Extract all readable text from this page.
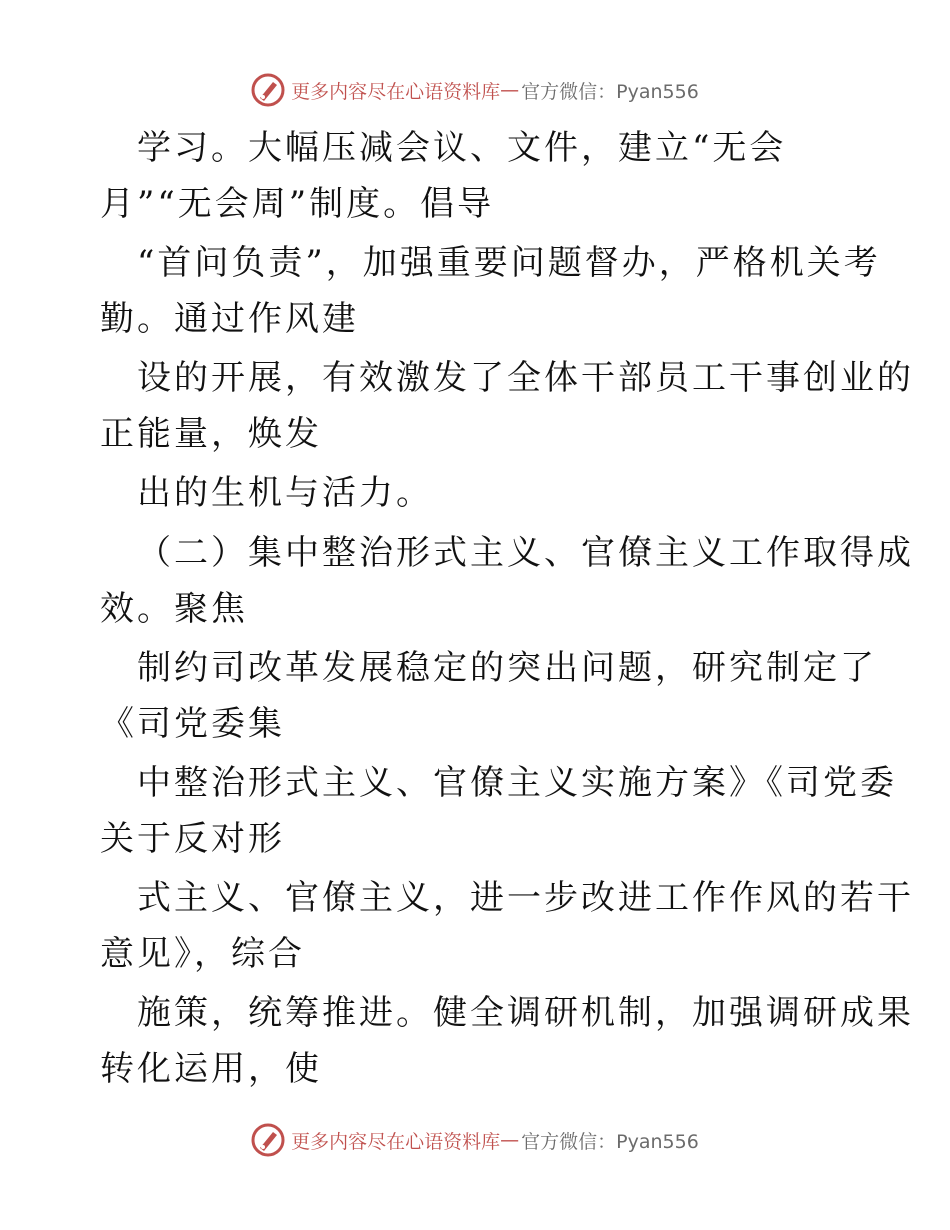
更多内容尽在心语资料库 — 官方微信：Pyan556
学习。大幅压减会议、文件，建立“无会
月”“无会周”制度。倡导
“首问负责”，加强重要问题督办，严格机关考
勤。通过作风建
设的开展，有效激发了全体干部员工干事创业的
正能量，焕发
出的生机与活力。
（二）集中整治形式主义、官僚主义工作取得成
效。聚焦
制约司改革发展稳定的突出问题，研究制定了
《司党委集
中整治形式主义、官僚主义实施方案》《司党委
关于反对形
式主义、官僚主义，进一步改进工作作风的若干
意见》，综合
施策，统筹推进。健全调研机制，加强调研成果
转化运用，使
更多内容尽在心语资料库 — 官方微信：Pyan556
